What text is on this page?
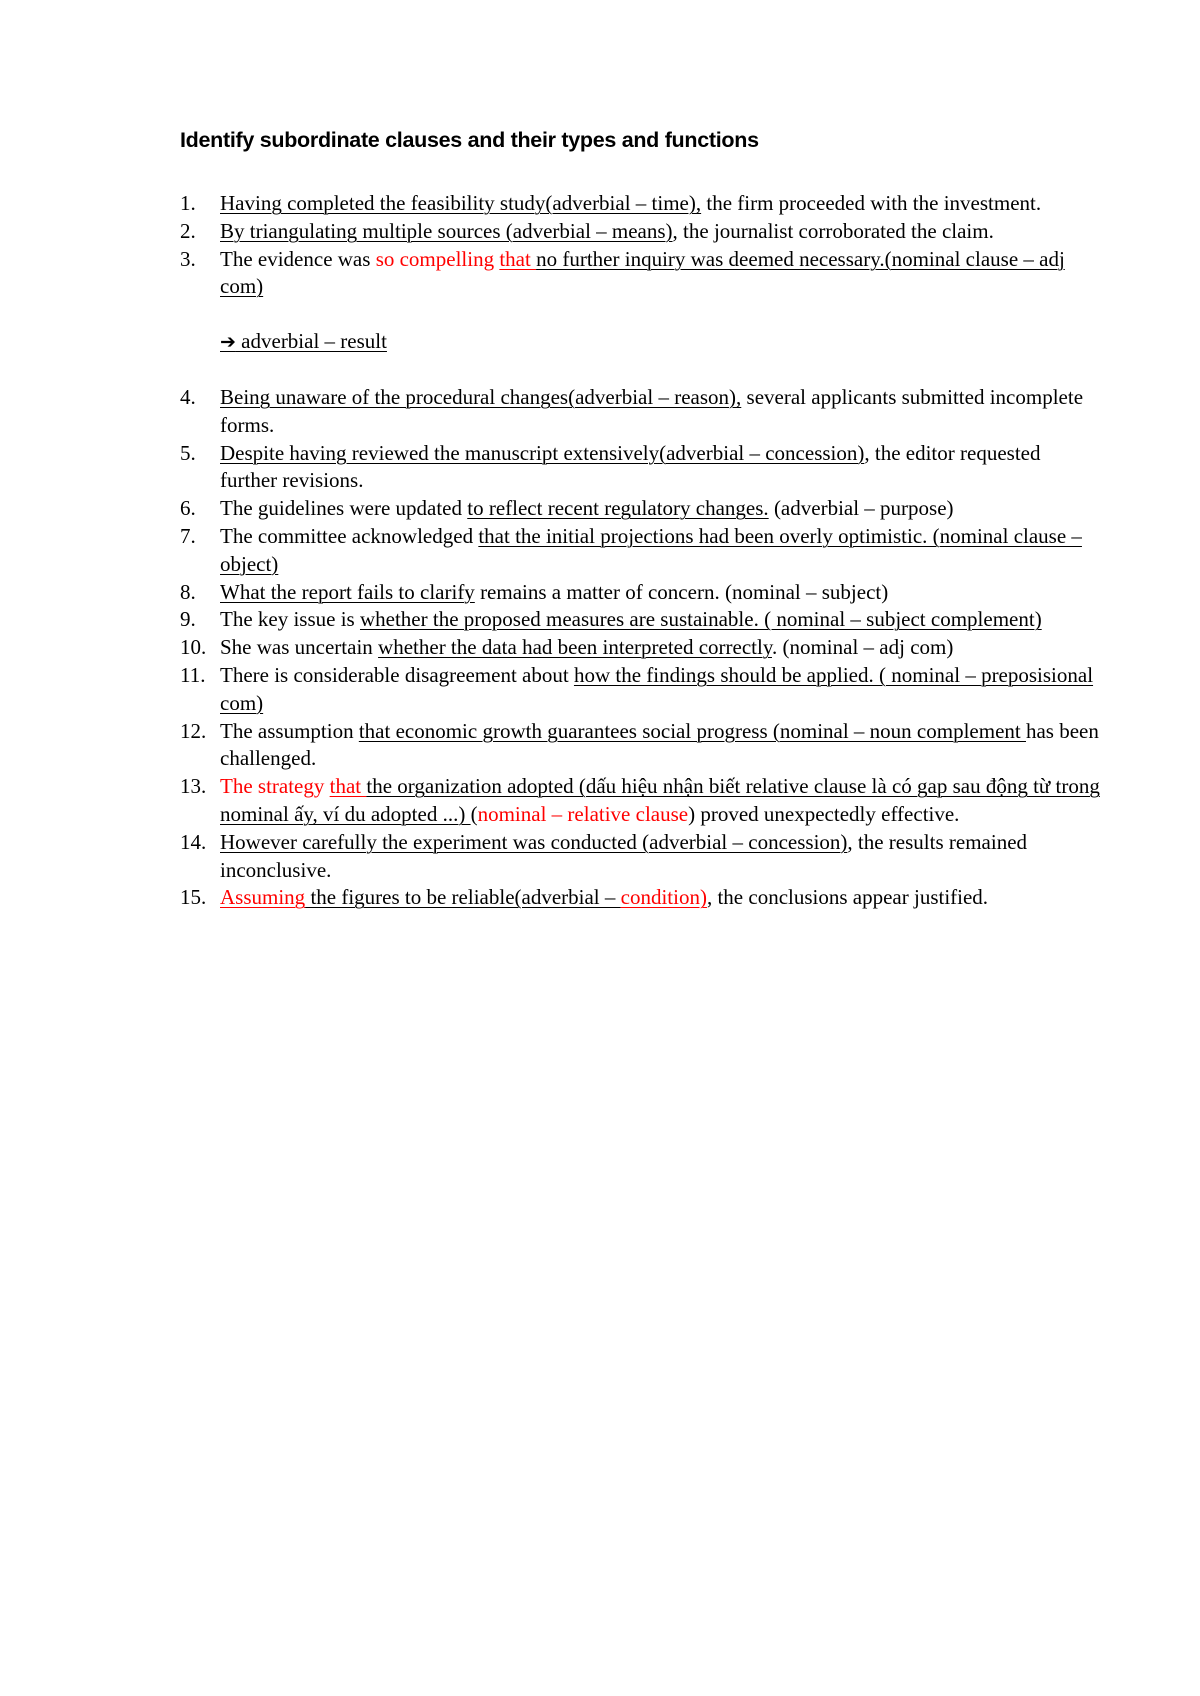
Identify subordinate clauses and their types and functions
1.	Having completed the feasibility study(adverbial – time), the firm proceeded with the investment.
2.	By triangulating multiple sources (adverbial – means), the journalist corroborated the claim.
3.	The evidence was so compelling that no further inquiry was deemed necessary.(nominal clause – adj com)
➔ adverbial – result
4.	Being unaware of the procedural changes(adverbial – reason), several applicants submitted incomplete forms.
5.	Despite having reviewed the manuscript extensively(adverbial – concession), the editor requested further revisions.
6.	The guidelines were updated to reflect recent regulatory changes. (adverbial – purpose)
7.	The committee acknowledged that the initial projections had been overly optimistic. (nominal clause – object)
8.	What the report fails to clarify remains a matter of concern. (nominal – subject)
9.	The key issue is whether the proposed measures are sustainable. ( nominal – subject complement)
10. She was uncertain whether the data had been interpreted correctly. (nominal – adj com)
11. There is considerable disagreement about how the findings should be applied. ( nominal – preposisional com)
12. The assumption that economic growth guarantees social progress (nominal – noun complement has been challenged.
13. The strategy that the organization adopted (dấu hiệu nhận biết relative clause là có gap sau động từ trong nominal ấy, ví du adopted ...) (nominal – relative clause) proved unexpectedly effective.
14. However carefully the experiment was conducted (adverbial – concession), the results remained inconclusive.
15. Assuming the figures to be reliable(adverbial – condition), the conclusions appear justified.
